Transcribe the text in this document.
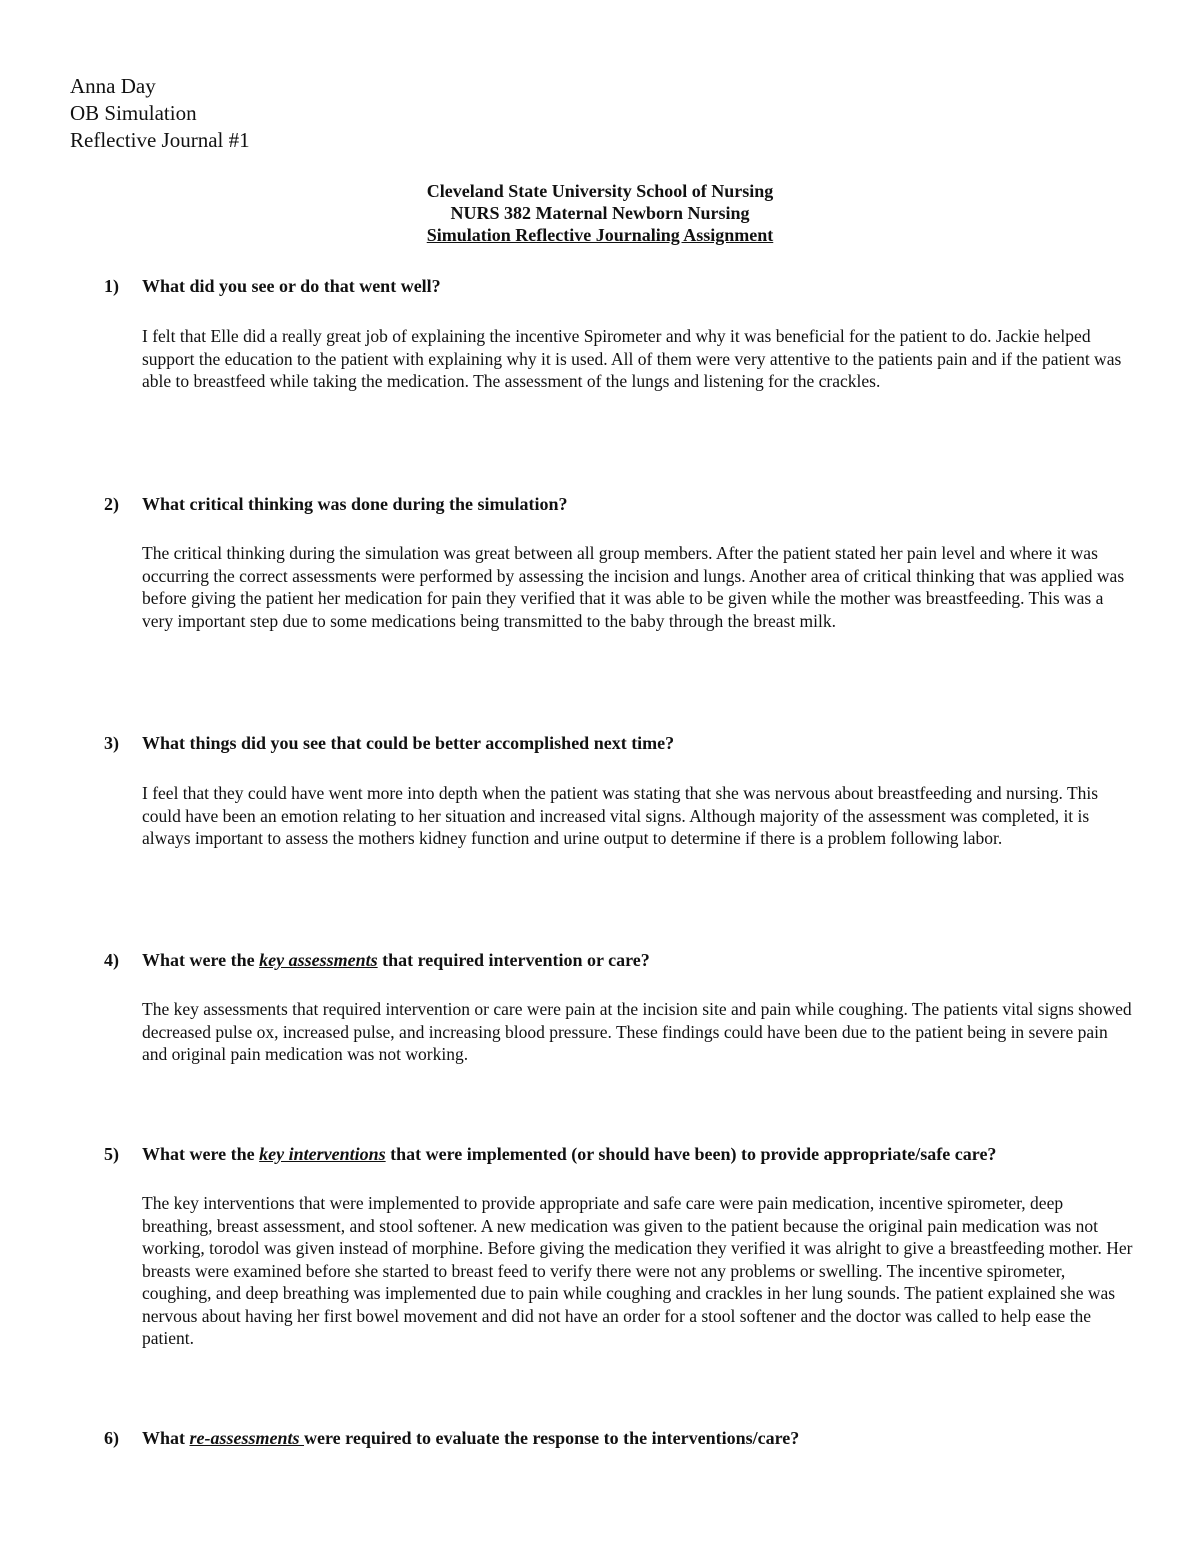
Anna Day
OB Simulation
Reflective Journal #1
Cleveland State University School of Nursing
NURS 382 Maternal Newborn Nursing
Simulation Reflective Journaling Assignment
1) What did you see or do that went well?

I felt that Elle did a really great job of explaining the incentive Spirometer and why it was beneficial for the patient to do. Jackie helped support the education to the patient with explaining why it is used. All of them were very attentive to the patients pain and if the patient was able to breastfeed while taking the medication. The assessment of the lungs and listening for the crackles.

2) What critical thinking was done during the simulation?

The critical thinking during the simulation was great between all group members. After the patient stated her pain level and where it was occurring the correct assessments were performed by assessing the incision and lungs. Another area of critical thinking that was applied was before giving the patient her medication for pain they verified that it was able to be given while the mother was breastfeeding. This was a very important step due to some medications being transmitted to the baby through the breast milk.

3) What things did you see that could be better accomplished next time?

I feel that they could have went more into depth when the patient was stating that she was nervous about breastfeeding and nursing. This could have been an emotion relating to her situation and increased vital signs. Although majority of the assessment was completed, it is always important to assess the mothers kidney function and urine output to determine if there is a problem following labor.

4) What were the key assessments that required intervention or care?

The key assessments that required intervention or care were pain at the incision site and pain while coughing. The patients vital signs showed decreased pulse ox, increased pulse, and increasing blood pressure. These findings could have been due to the patient being in severe pain and original pain medication was not working.

5) What were the key interventions that were implemented (or should have been) to provide appropriate/safe care?

The key interventions that were implemented to provide appropriate and safe care were pain medication, incentive spirometer, deep breathing, breast assessment, and stool softener. A new medication was given to the patient because the original pain medication was not working, torodol was given instead of morphine. Before giving the medication they verified it was alright to give a breastfeeding mother. Her breasts were examined before she started to breast feed to verify there were not any problems or swelling. The incentive spirometer, coughing, and deep breathing was implemented due to pain while coughing and crackles in her lung sounds. The patient explained she was nervous about having her first bowel movement and did not have an order for a stool softener and the doctor was called to help ease the patient.

6) What re-assessments were required to evaluate the response to the interventions/care?
